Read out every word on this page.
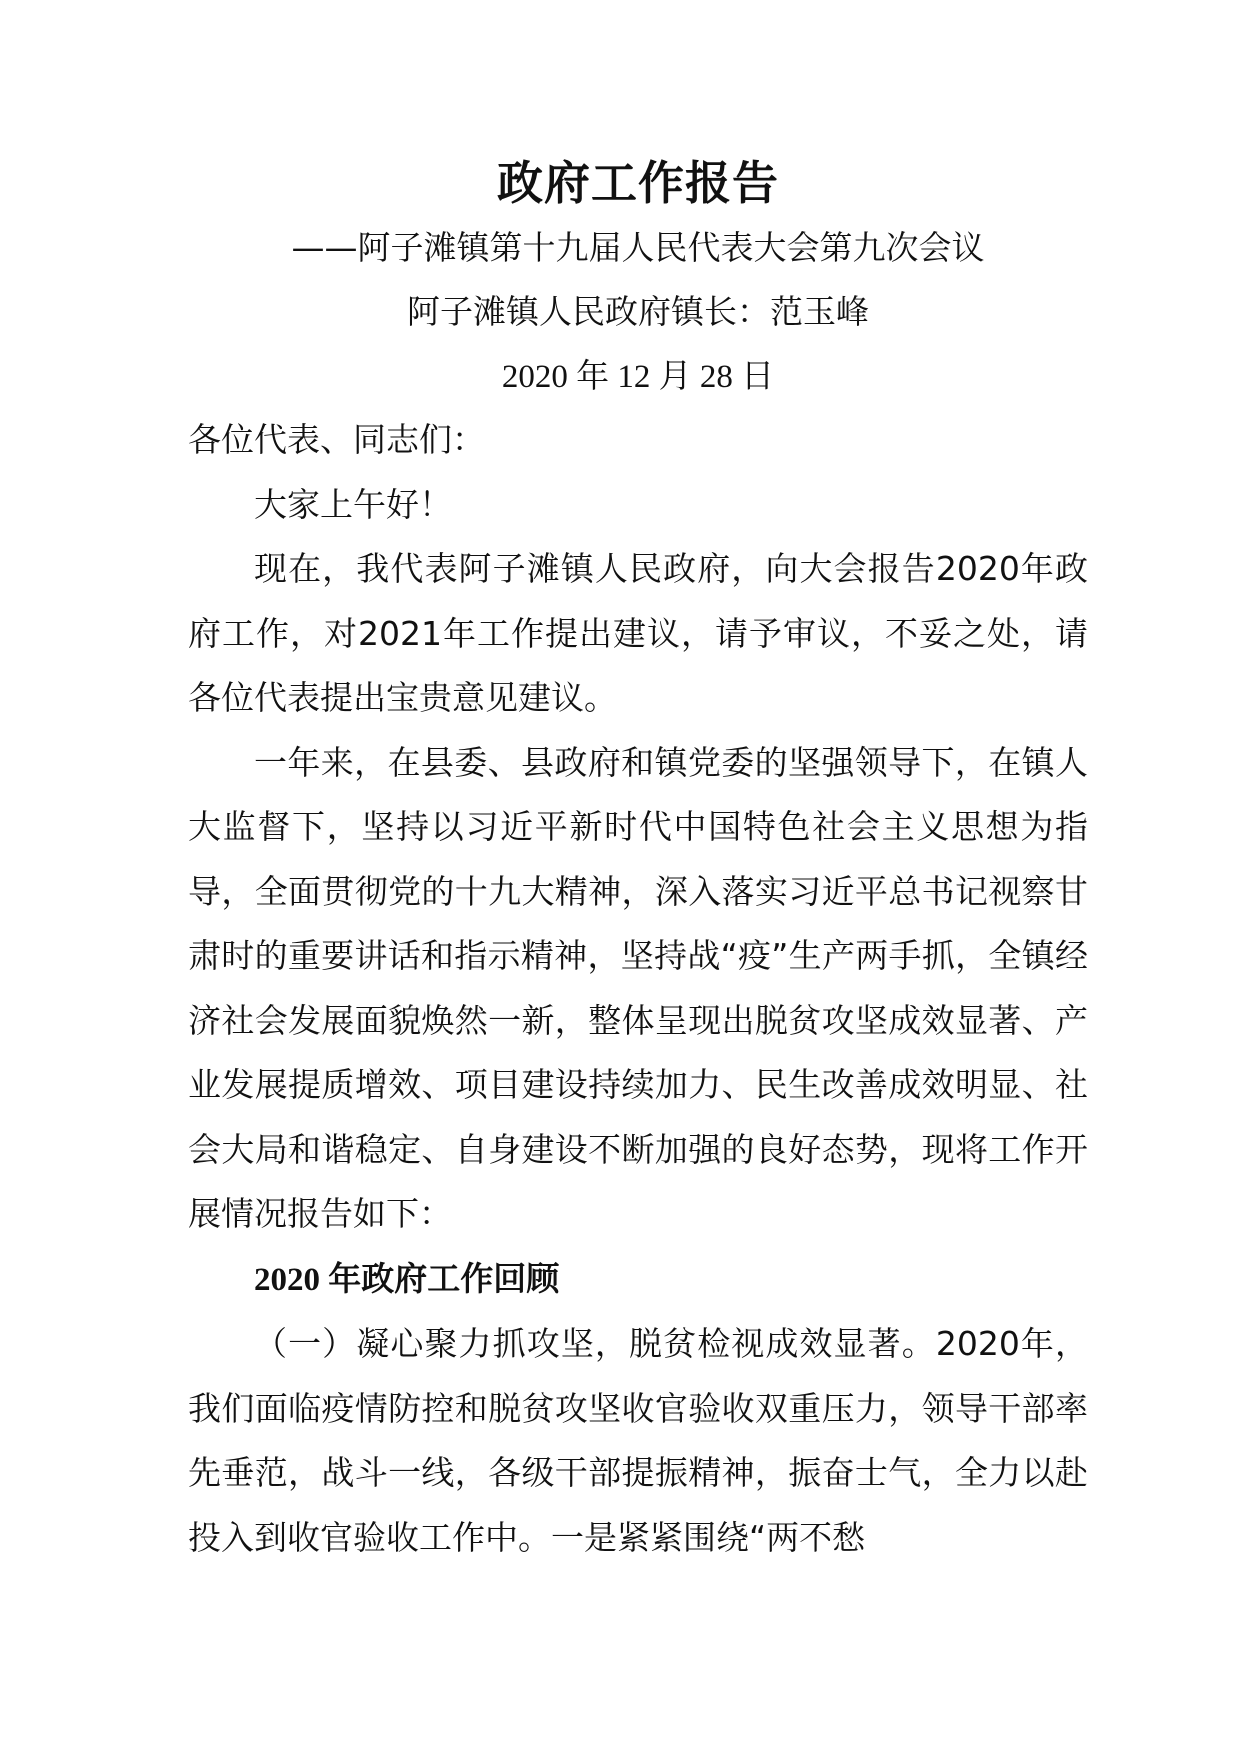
政府工作报告

——阿子滩镇第十九届人民代表大会第九次会议

阿子滩镇人民政府镇长：范玉峰

2020 年 12 月 28 日

各位代表、同志们：

大家上午好！

现在，我代表阿子滩镇人民政府，向大会报告2020年政府工作，对2021年工作提出建议，请予审议，不妥之处，请各位代表提出宝贵意见建议。

一年来，在县委、县政府和镇党委的坚强领导下，在镇人大监督下，坚持以习近平新时代中国特色社会主义思想为指导，全面贯彻党的十九大精神，深入落实习近平总书记视察甘肃时的重要讲话和指示精神，坚持战“疫”生产两手抓，全镇经济社会发展面貌焕然一新，整体呈现出脱贫攻坚成效显著、产业发展提质增效、项目建设持续加力、民生改善成效明显、社会大局和谐稳定、自身建设不断加强的良好态势，现将工作开展情况报告如下：

2020 年政府工作回顾

（一）凝心聚力抓攻坚，脱贫检视成效显著。2020年，我们面临疫情防控和脱贫攻坚收官验收双重压力，领导干部率先垂范，战斗一线，各级干部提振精神，振奋士气，全力以赴投入到收官验收工作中。一是紧紧围绕“两不愁
